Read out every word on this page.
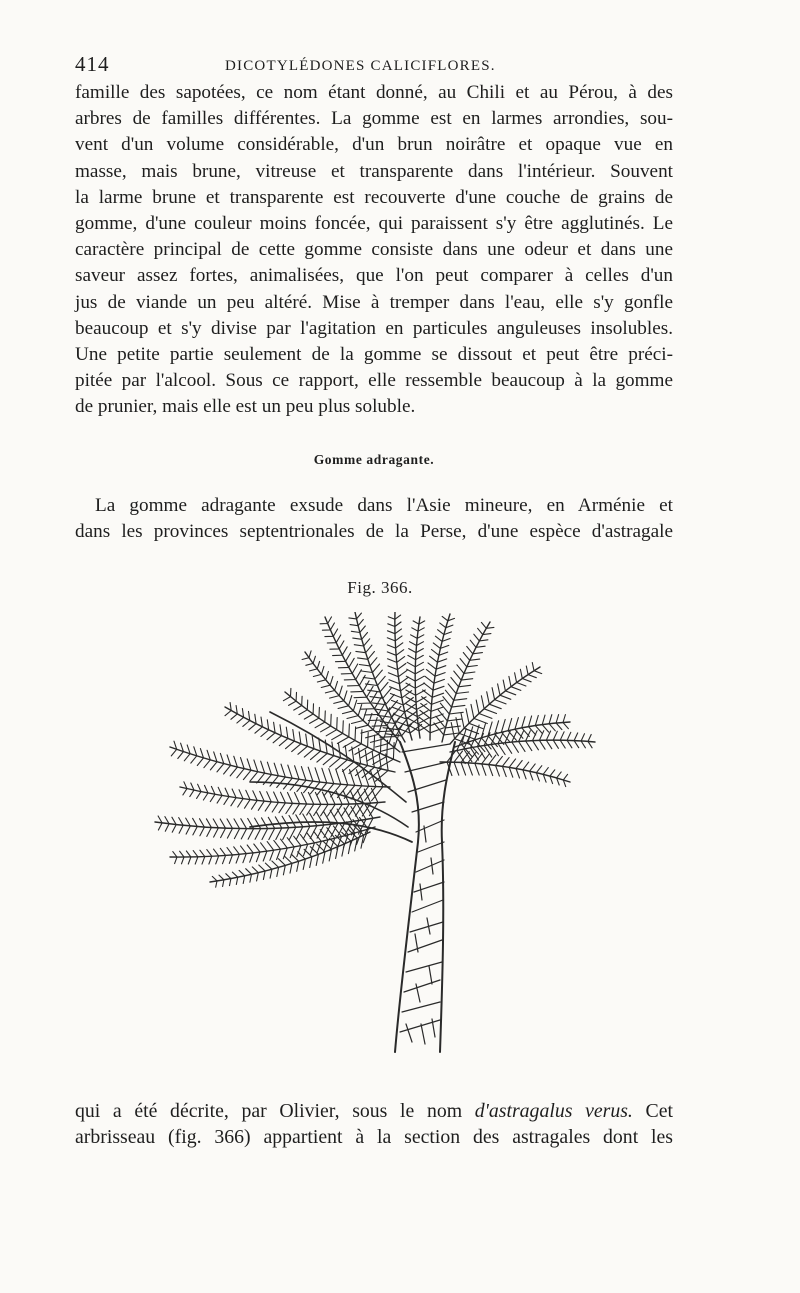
414	DICOTYLÉDONES CALICIFLORES.
famille des sapotées, ce nom étant donné, au Chili et au Pérou, à des
arbres de familles différentes. La gomme est en larmes arrondies, sou-
vent d'un volume considérable, d'un brun noirâtre et opaque vue en
masse, mais brune, vitreuse et transparente dans l'intérieur. Souvent
la larme brune et transparente est recouverte d'une couche de grains de
gomme, d'une couleur moins foncée, qui paraissent s'y être agglutinés. Le
caractère principal de cette gomme consiste dans une odeur et dans une
saveur assez fortes, animalisées, que l'on peut comparer à celles d'un
jus de viande un peu altéré. Mise à tremper dans l'eau, elle s'y gonfle
beaucoup et s'y divise par l'agitation en particules anguleuses insolubles.
Une petite partie seulement de la gomme se dissout et peut être préci-
pitée par l'alcool. Sous ce rapport, elle ressemble beaucoup à la gomme
de prunier, mais elle est un peu plus soluble.
Gomme adragante.
La gomme adragante exsude dans l'Asie mineure, en Arménie et
dans les provinces septentrionales de la Perse, d'une espèce d'astragale
Fig. 366.
qui a été décrite, par Olivier, sous le nom d'astragalus verus. Cet
arbrisseau (fig. 366) appartient à la section des astragales dont les
